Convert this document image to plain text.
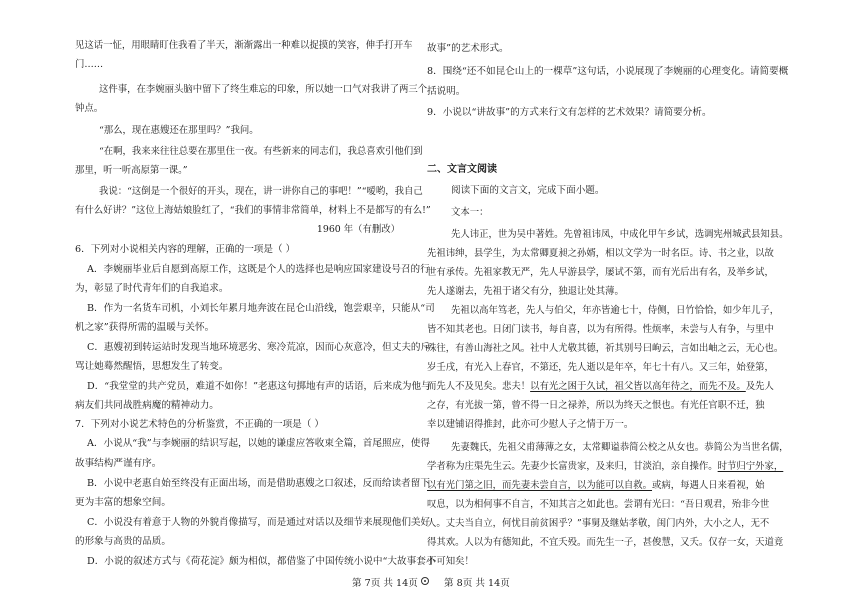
见这话一怔，用眼睛盯住我看了半天，渐渐露出一种难以捉摸的笑容，伸手打开车
门……
这件事，在李婉丽头脑中留下了终生难忘的印象，所以她一口气对我讲了两三个
钟点。
“那么，现在惠嫂还在那里吗？”我问。
“在啊，我来来往往总要在那里住一夜。有些新来的同志们，我总喜欢引他们到
那里，听一听高原第一课。”
我说：“这倒是一个很好的开头，现在，讲一讲你自己的事吧！”“嗳哟，我自己
有什么好讲？”这位上海姑娘脸红了，“我们的事情非常简单，材料上不是都写的有么!”
1960 年（有删改）
6．下列对小说相关内容的理解，正确的一项是（ ）
A．李婉丽毕业后自愿到高原工作，这既是个人的选择也是响应国家建设号召的行
为，彰显了时代青年们的自我追求。
B．作为一名货车司机，小刘长年累月地奔波在昆仑山沿线，饱尝艰辛，只能从“司
机之家”获得所需的温暖与关怀。
C．惠嫂初到转运站时发现当地环境恶劣、寒冷荒凉，因而心灰意冷，但丈夫的斥
骂让她蓦然醒悟，思想发生了转变。
D．“我堂堂的共产党员，难道不如你！”老惠这句掷地有声的话语，后来成为他与
病友们共同战胜病魔的精神动力。
7．下列对小说艺术特色的分析鉴赏，不正确的一项是（ ）
A．小说从“我”与李婉丽的结识写起，以她的谦虚应答收束全篇，首尾照应，使得
故事结构严谨有序。
B．小说中老惠自始至终没有正面出场，而是借助惠嫂之口叙述，反而给读者留下
更为丰富的想象空间。
C．小说没有着意于人物的外貌肖像描写，而是通过对话以及细节来展现他们美好
的形象与高贵的品质。
D．小说的叙述方式与《荷花淀》颇为相似，都借鉴了中国传统小说中“大故事套小
故事”的艺术形式。
8．围绕“还不如昆仑山上的一棵草”这句话，小说展现了李婉丽的心理变化。请简要概
括说明。
9．小说以“讲故事”的方式来行文有怎样的艺术效果？请简要分析。
二、文言文阅读
阅读下面的文言文，完成下面小题。
文本一：
先人讳正，世为吴中著姓。先曾祖讳凤，中成化甲午乡试，选调宪州城武县知县。
先祖讳绅，县学生，为太常卿夏昶之孙婿，相以文学为一时名臣。诗、书之业，以故
世有承传。先祖家教无严，先人早游县学，屡试不第，而有光后出有名，及举乡试，
先人遂谢去，先祖于诸父有分，独退让处其薄。
先祖以高年笃老，先人与伯父，年亦皆逾七十，侍侧，日竹恰恰，如少年儿子，
皆不知其老也。日闭门读书，每自喜，以为有所得。性烦率，未尝与人有争，与里中
殊往，有善山海社之风。社中人尤敬其德，祈其别号曰岣云，言如出岫之云，无心也。
岁壬戌，有光入上春官，不第还，先人逝以是年卒，年七十有八。又三年，始登第，
而先人不及见矣。悲夫！以有光之困于久试，祖父皆以高年待之，而先不及。及先人
之存，有光拔一第，曾不得一日之禄养，所以为终天之恨也。有光任官职不迁，独
幸以建铺诏得推封，此亦可少慰人子之情于万一。
先妻魏氏，先祖父甫薄薄之女，太常卿谥恭简公校之从女也。恭简公为当世名儒，
学者称为庄渠先生云。先妻少长富贵家，及来归，甘淡泊，亲自操作。时节归宁外家，
以有光门第之旧，而先妻未尝自言，以为能可以自救。或病，每遇人日来看视，始
叹息，以为相何事不自言，不知其言之如此也。尝谓有光曰：“吾日观君，殆非今世
人。丈夫当自立，何忧目前贫困乎？”事舅及继姑孝敬，闺门内外，大小之人，无不
得其欢。人以为有德知此，不宜夭殁。而先生一子，甚俊慧，又夭。仅存一女，天道竟
不可知矣！
第 7页 共 14页	第 8页 共 14页
